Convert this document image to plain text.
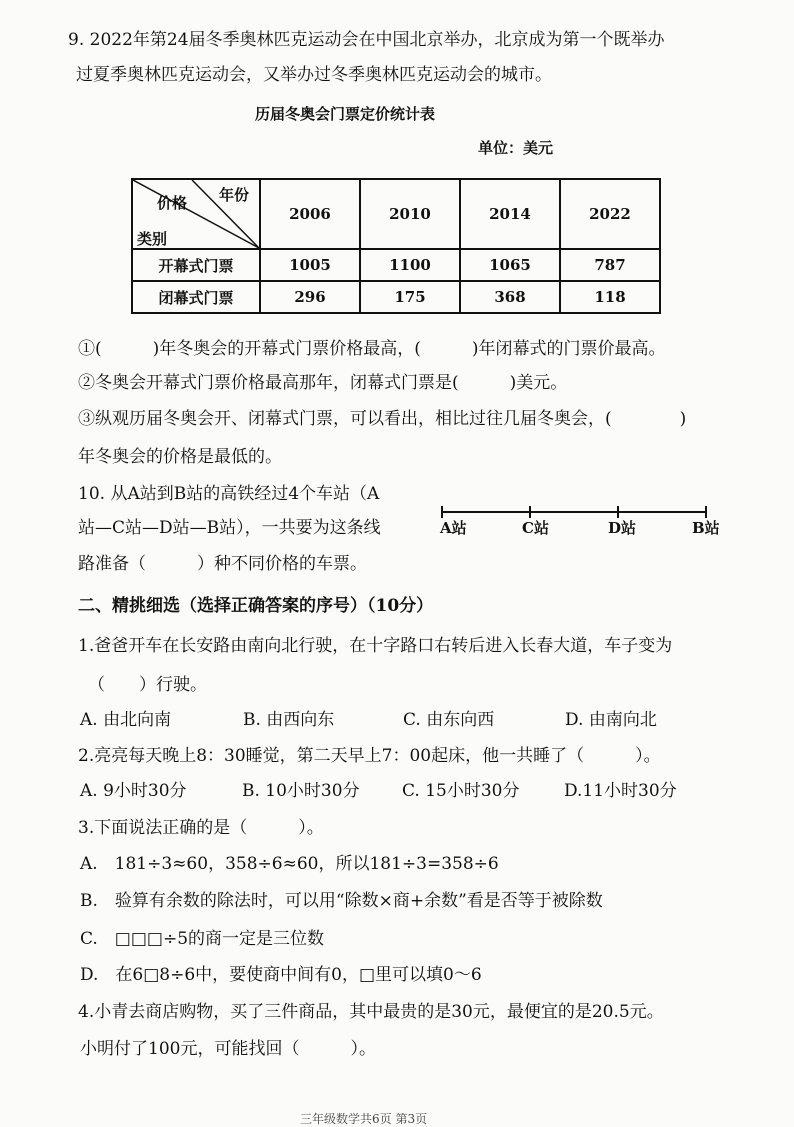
9. 2022年第24届冬季奥林匹克运动会在中国北京举办，北京成为第一个既举办
过夏季奥林匹克运动会，又举办过冬季奥林匹克运动会的城市。
历届冬奥会门票定价统计表
单位：美元
价格 年份
类别	2006	2010	2014	2022
开幕式门票	1005	1100	1065	787
闭幕式门票	296	175	368	118
①(　　　)年冬奥会的开幕式门票价格最高，(　　　)年闭幕式的门票价最高。
②冬奥会开幕式门票价格最高那年，闭幕式门票是(　　　)美元。
③纵观历届冬奥会开、闭幕式门票，可以看出，相比过往几届冬奥会，(　　　　)
年冬奥会的价格是最低的。
10. 从A站到B站的高铁经过4个车站（A
站—C站—D站—B站），一共要为这条线
路准备（　　　）种不同价格的车票。
A站	C站	D站	B站
二、精挑细选（选择正确答案的序号）（10分）
1.爸爸开车在长安路由南向北行驶，在十字路口右转后进入长春大道，车子变为
（　　）行驶。
A. 由北向南	B. 由西向东	C. 由东向西	D. 由南向北
2.亮亮每天晚上8：30睡觉，第二天早上7：00起床，他一共睡了（　　　）。
A. 9小时30分	B. 10小时30分 C. 15小时30分	D.11小时30分
3.下面说法正确的是（　　　）。
A.　181÷3≈60，358÷6≈60，所以181÷3=358÷6
B.　验算有余数的除法时，可以用“除数×商+余数”看是否等于被除数
C.　□□□÷5的商一定是三位数
D.　在6□8÷6中，要使商中间有0，□里可以填0～6
4.小青去商店购物，买了三件商品，其中最贵的是30元，最便宜的是20.5元。
小明付了100元，可能找回（　　　）。
三年级数学共6页 第3页
